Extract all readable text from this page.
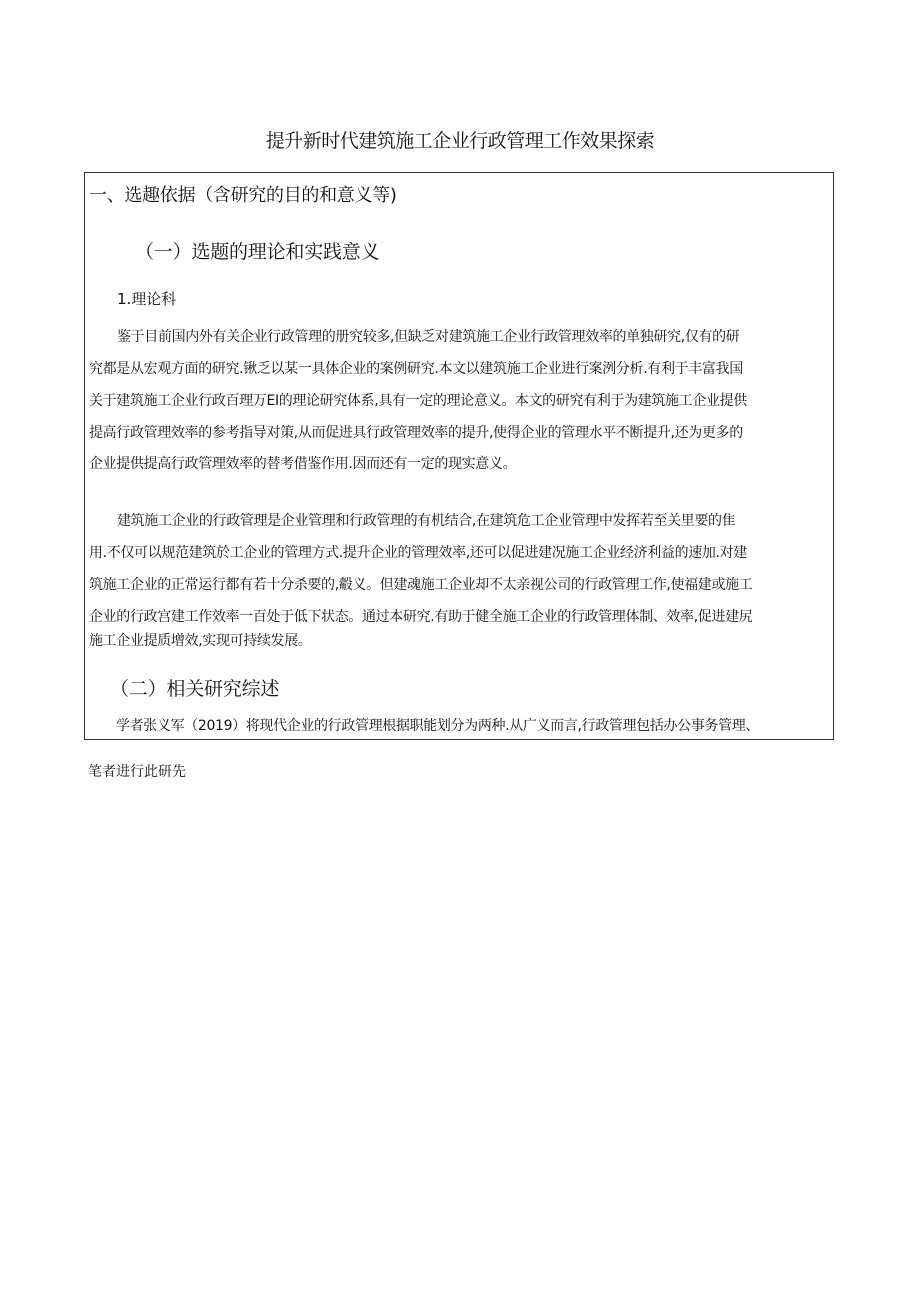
提升新时代建筑施工企业行政管理工作效果探索
一、选趣依据（含研究的目的和意义等)
（一）选题的理论和实践意义
1.理论科
鉴于目前国内外有关企业行政管理的册究较多,但缺乏对建筑施工企业行政管理效率的单独研究,仅有的研
究都是从宏观方面的研究.锹乏以某一具体企业的案例研究.本文以建筑施工企业进行案洌分析.有利于丰富我国
关于建筑施工企业行政百理万EI的理论研究体系,具有一定的理论意义。本文的研究有利于为建筑施工企业提供
提高行政管理效率的参考指导对策,从而促进具行政管理效率的提升,使得企业的管理水平不断提升,还为更多的
企业提供提高行政管理效率的替考借鉴作用.因而还有一定的现实意义。
建筑施工企业的行政管理是企业管理和行政管理的有机结合,在建筑危工企业管理中发挥若至关里要的隹
用.不仅可以规范建筑於工企业的管理方式.提升企业的管理效率,还可以促进建况施工企业经济利益的速加.对建
筑施工企业的正常运行都有若十分杀要的,觳义。但建魂施工企业却不太亲视公司的行政管理工作,使福建或施工
企业的行政宫建工作效率一百处于低下状态。通过本研究.有助于健全施工企业的行政管理体制、效率,促进建尻
施工企业提质增效,实现可持续发展。
（二）相关研究综述
学者张义军（2019）将现代企业的行政管理根据职能划分为两种.从广义而言,行政管理包括办公事务管理、
笔者进行此研先
